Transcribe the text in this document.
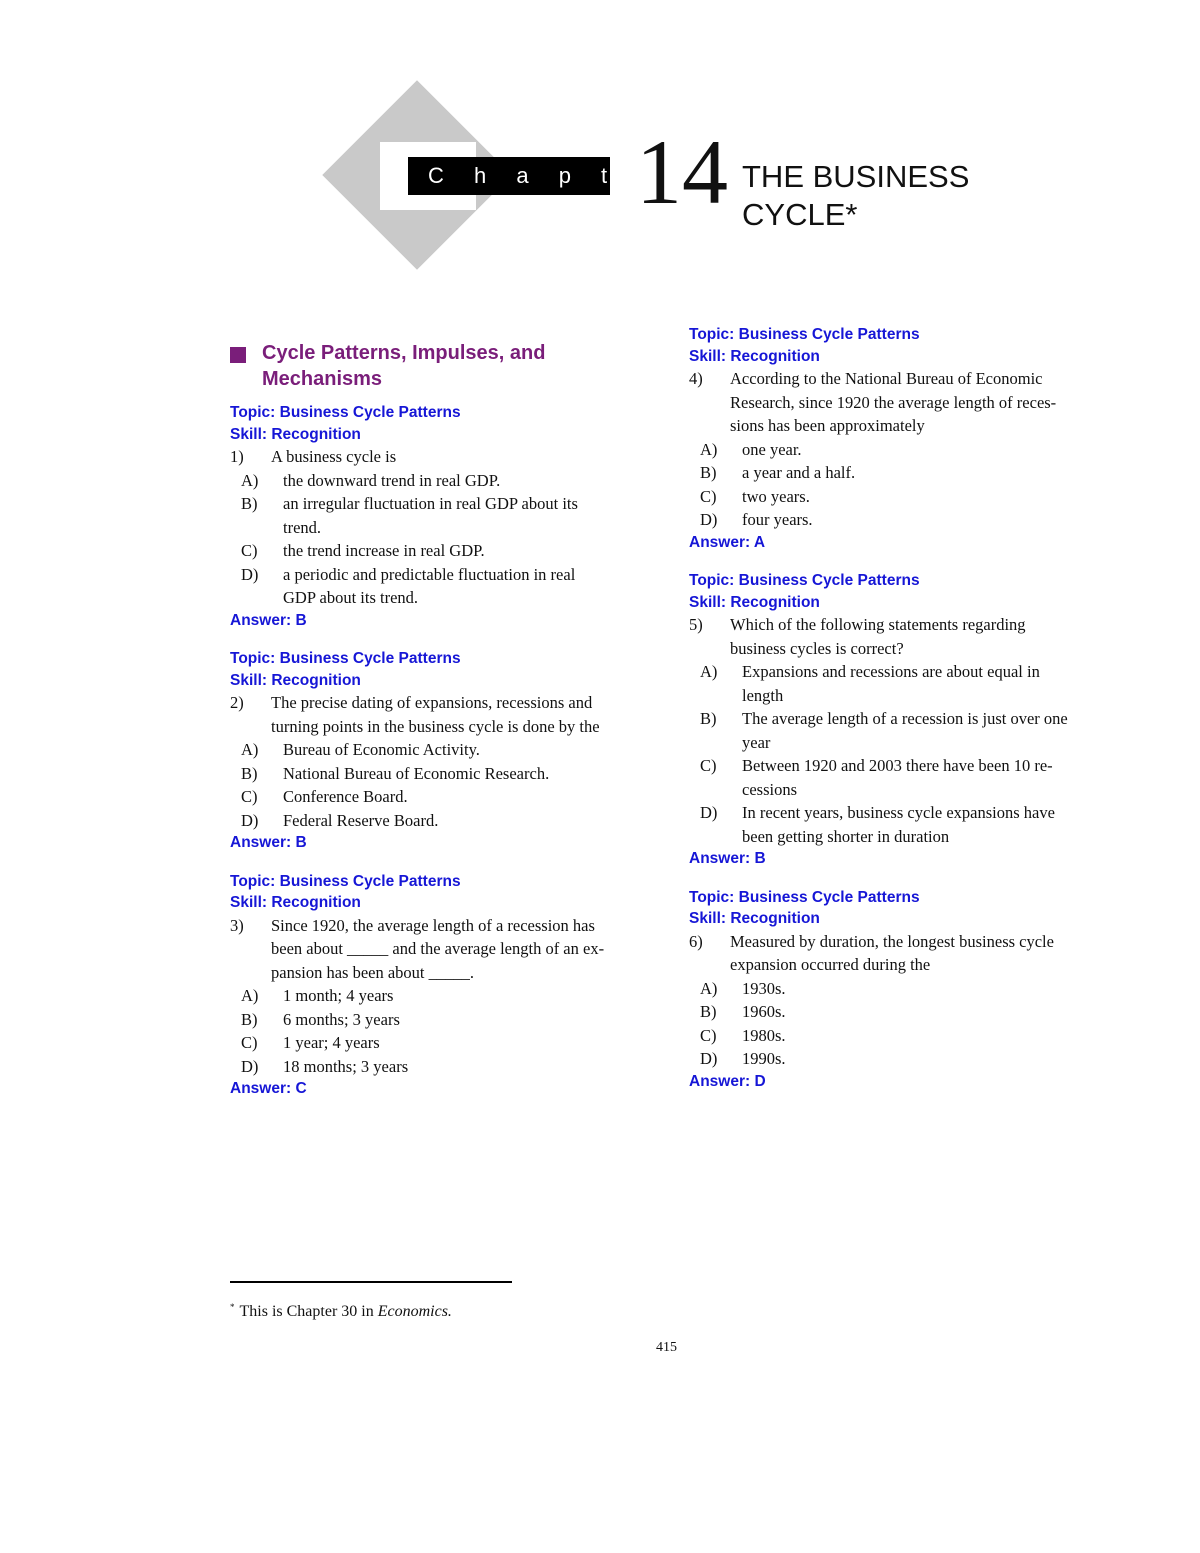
C h a p t e r
14 THE BUSINESS
CYCLE*
Cycle Patterns, Impulses, and
Mechanisms
Topic: Business Cycle Patterns
Skill: Recognition
1) A business cycle is
A) the downward trend in real GDP.
B) an irregular fluctuation in real GDP about its
trend.
C) the trend increase in real GDP.
D) a periodic and predictable fluctuation in real
GDP about its trend.
Answer: B
Topic: Business Cycle Patterns
Skill: Recognition
2) The precise dating of expansions, recessions and
turning points in the business cycle is done by the
A) Bureau of Economic Activity.
B) National Bureau of Economic Research.
C) Conference Board.
D) Federal Reserve Board.
Answer: B
Topic: Business Cycle Patterns
Skill: Recognition
3) Since 1920, the average length of a recession has
been about _____ and the average length of an ex-
pansion has been about _____.
A) 1 month; 4 years
B) 6 months; 3 years
C) 1 year; 4 years
D) 18 months; 3 years
Answer: C
Topic: Business Cycle Patterns
Skill: Recognition
4) According to the National Bureau of Economic
Research, since 1920 the average length of reces-
sions has been approximately
A) one year.
B) a year and a half.
C) two years.
D) four years.
Answer: A
Topic: Business Cycle Patterns
Skill: Recognition
5) Which of the following statements regarding
business cycles is correct?
A) Expansions and recessions are about equal in
length
B) The average length of a recession is just over one
year
C) Between 1920 and 2003 there have been 10 re-
cessions
D) In recent years, business cycle expansions have
been getting shorter in duration
Answer: B
Topic: Business Cycle Patterns
Skill: Recognition
6) Measured by duration, the longest business cycle
expansion occurred during the
A) 1930s.
B) 1960s.
C) 1980s.
D) 1990s.
Answer: D
* This is Chapter 30 in Economics.
415
